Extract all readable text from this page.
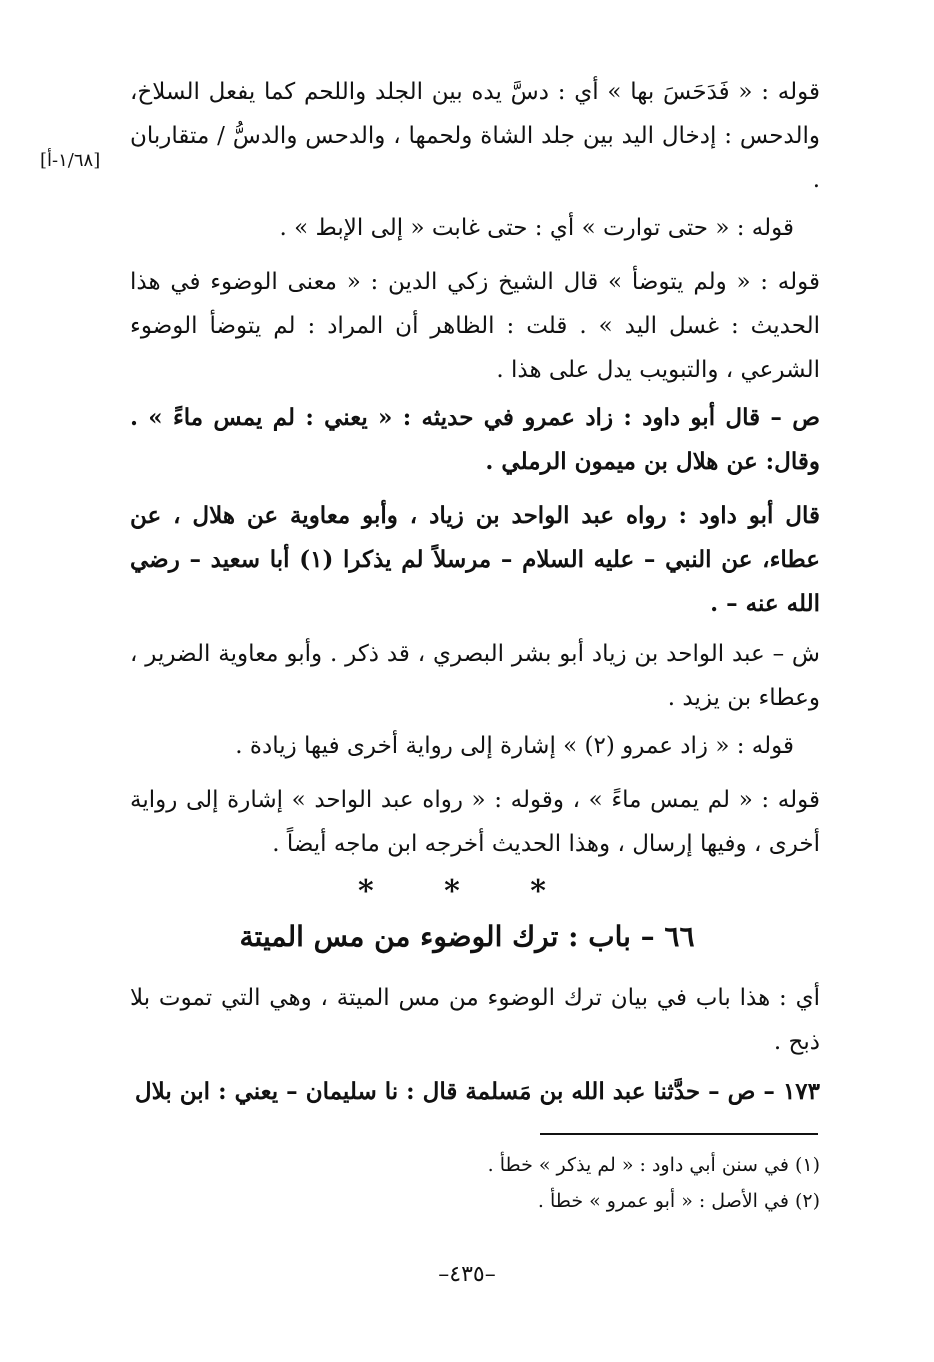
[١/٦٨-أ]

قوله : « فَدَحَسَ بها » أي : دسَّ يده بين الجلد واللحم كما يفعل السلاخ، والدحس : إدخال اليد بين جلد الشاة ولحمها ، والدحس والدسُّ / متقاربان .

قوله : « حتى توارت » أي : حتى غابت « إلى الإبط » .

قوله : « ولم يتوضأ » قال الشيخ زكي الدين : « معنى الوضوء في هذا الحديث : غسل اليد » . قلت : الظاهر أن المراد : لم يتوضأ الوضوء الشرعي ، والتبويب يدل على هذا .

ص – قال أبو داود : زاد عمرو في حديثه : « يعني : لم يمس ماءً » . وقال: عن هلال بن ميمون الرملي .

قال أبو داود : رواه عبد الواحد بن زياد ، وأبو معاوية عن هلال ، عن عطاء، عن النبي – عليه السلام – مرسلاً لم يذكرا (١) أبا سعيد – رضي الله عنه – .

ش – عبد الواحد بن زياد أبو بشر البصري ، قد ذكر . وأبو معاوية الضرير ، وعطاء بن يزيد .

قوله : « زاد عمرو (٢) » إشارة إلى رواية أخرى فيها زيادة .

قوله : « لم يمس ماءً » ، وقوله : « رواه عبد الواحد » إشارة إلى رواية أخرى ، وفيها إرسال ، وهذا الحديث أخرجه ابن ماجه أيضاً .

* * *
٦٦ – باب : ترك الوضوء من مس الميتة

أي : هذا باب في بيان ترك الوضوء من مس الميتة ، وهي التي تموت بلا ذبح .

١٧٣ – ص – حدَّثنا عبد الله بن مَسلمة قال : نا سليمان – يعني : ابن بلال

(١) في سنن أبي داود : « لم يذكر » خطأ .
(٢) في الأصل : « أبو عمرو » خطأ .
–٤٣٥–
